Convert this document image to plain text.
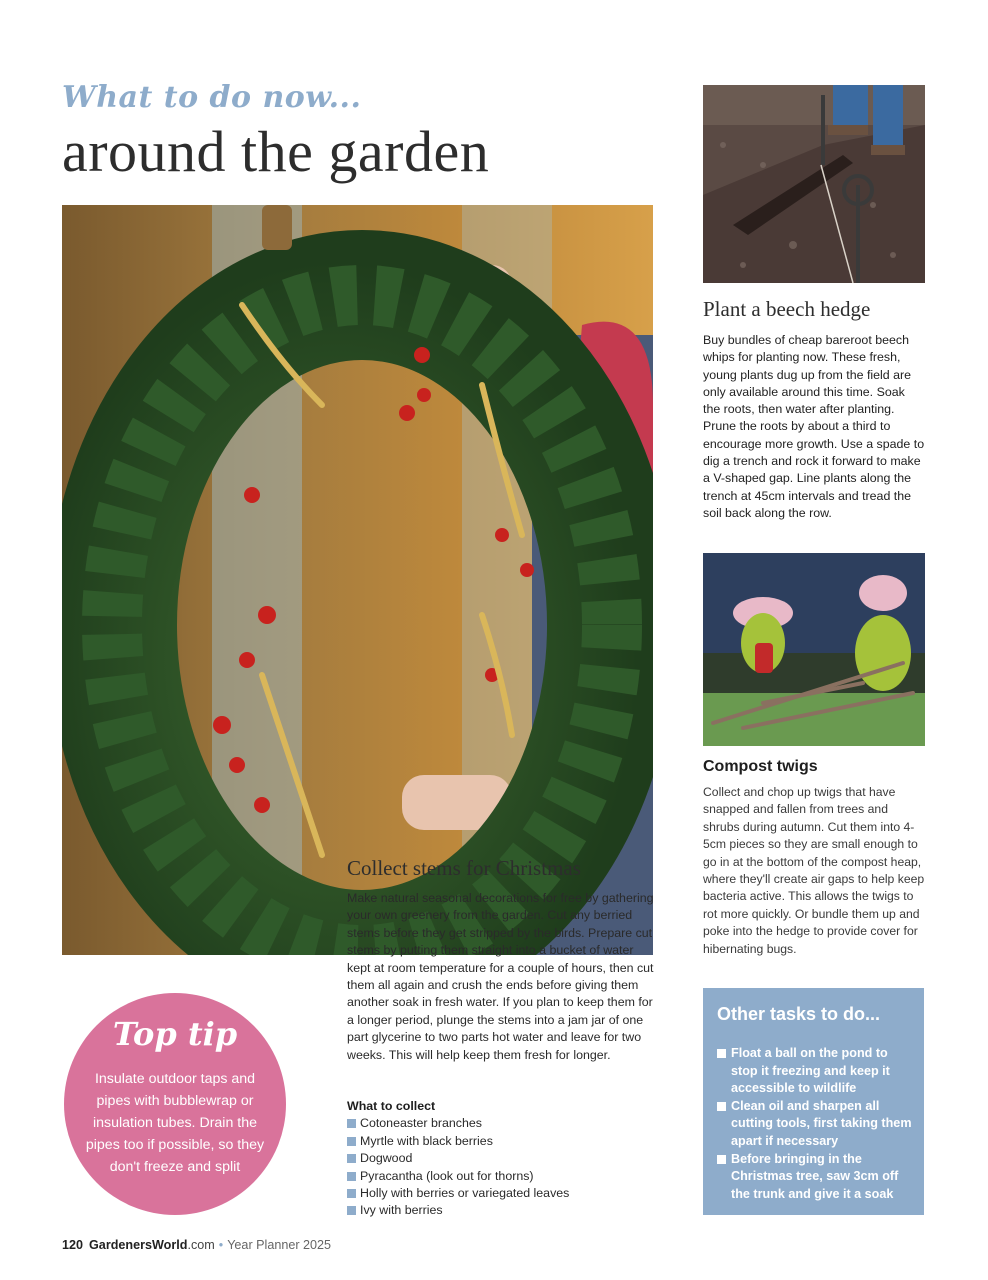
What to do now...
around the garden
Collect stems for Christmas
Make natural seasonal decorations for free by gathering your own greenery from the garden. Cut any berried stems before they get stripped by the birds. Prepare cut stems by putting them straight into a bucket of water kept at room temperature for a couple of hours, then cut them all again and crush the ends before giving them another soak in fresh water. If you plan to keep them for a longer period, plunge the stems into a jam jar of one part glycerine to two parts hot water and leave for two weeks. This will help keep them fresh for longer.
What to collect
Cotoneaster branches
Myrtle with black berries
Dogwood
Pyracantha (look out for thorns)
Holly with berries or variegated leaves
Ivy with berries
Plant a beech hedge
Buy bundles of cheap bareroot beech whips for planting now. These fresh, young plants dug up from the field are only available around this time. Soak the roots, then water after planting. Prune the roots by about a third to encourage more growth. Use a spade to dig a trench and rock it forward to make a V-shaped gap. Line plants along the trench at 45cm intervals and tread the soil back along the row.
Compost twigs
Collect and chop up twigs that have snapped and fallen from trees and shrubs during autumn. Cut them into 4-5cm pieces so they are small enough to go in at the bottom of the compost heap, where they'll create air gaps to help keep bacteria active. This allows the twigs to rot more quickly. Or bundle them up and poke into the hedge to provide cover for hibernating bugs.
Top tip
Insulate outdoor taps and pipes with bubblewrap or insulation tubes. Drain the pipes too if possible, so they don't freeze and split
Other tasks to do...
Float a ball on the pond to stop it freezing and keep it accessible to wildlife
Clean oil and sharpen all cutting tools, first taking them apart if necessary
Before bringing in the Christmas tree, saw 3cm off the trunk and give it a soak
120 GardenersWorld.com • Year Planner 2025
